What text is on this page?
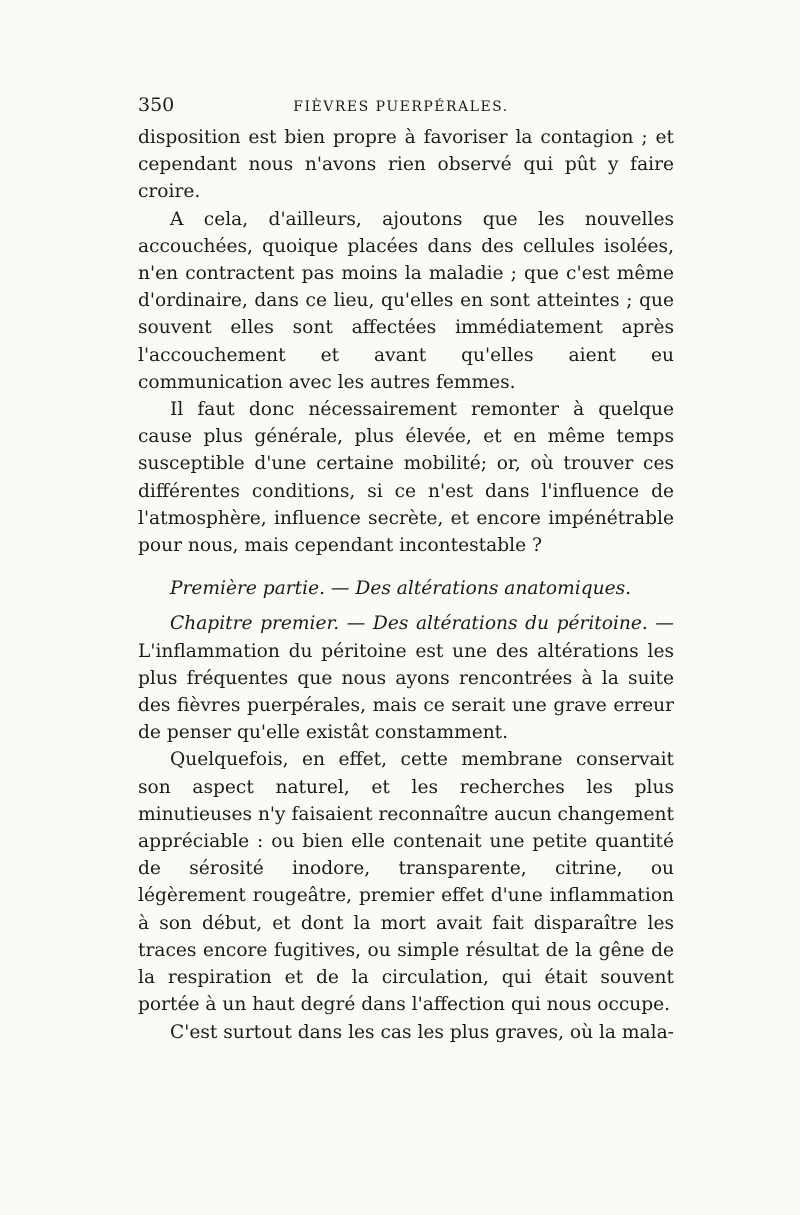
350	FIÈVRES PUERPÉRALES.

disposition est bien propre à favoriser la contagion ; et cependant nous n'avons rien observé qui pût y faire croire.

A cela, d'ailleurs, ajoutons que les nouvelles accouchées, quoique placées dans des cellules isolées, n'en contractent pas moins la maladie ; que c'est même d'ordinaire, dans ce lieu, qu'elles en sont atteintes ; que souvent elles sont affectées immédiatement après l'accouchement et avant qu'elles aient eu communication avec les autres femmes.

Il faut donc nécessairement remonter à quelque cause plus générale, plus élevée, et en même temps susceptible d'une certaine mobilité; or, où trouver ces différentes conditions, si ce n'est dans l'influence de l'atmosphère, influence secrète, et encore impénétrable pour nous, mais cependant incontestable ?

Première partie. — Des altérations anatomiques.

Chapitre premier. — Des altérations du péritoine. — L'inflammation du péritoine est une des altérations les plus fréquentes que nous ayons rencontrées à la suite des fièvres puerpérales, mais ce serait une grave erreur de penser qu'elle existât constamment.

Quelquefois, en effet, cette membrane conservait son aspect naturel, et les recherches les plus minutieuses n'y faisaient reconnaître aucun changement appréciable : ou bien elle contenait une petite quantité de sérosité inodore, transparente, citrine, ou légèrement rougeâtre, premier effet d'une inflammation à son début, et dont la mort avait fait disparaître les traces encore fugitives, ou simple résultat de la gêne de la respiration et de la circulation, qui était souvent portée à un haut degré dans l'affection qui nous occupe.

C'est surtout dans les cas les plus graves, où la mala-
